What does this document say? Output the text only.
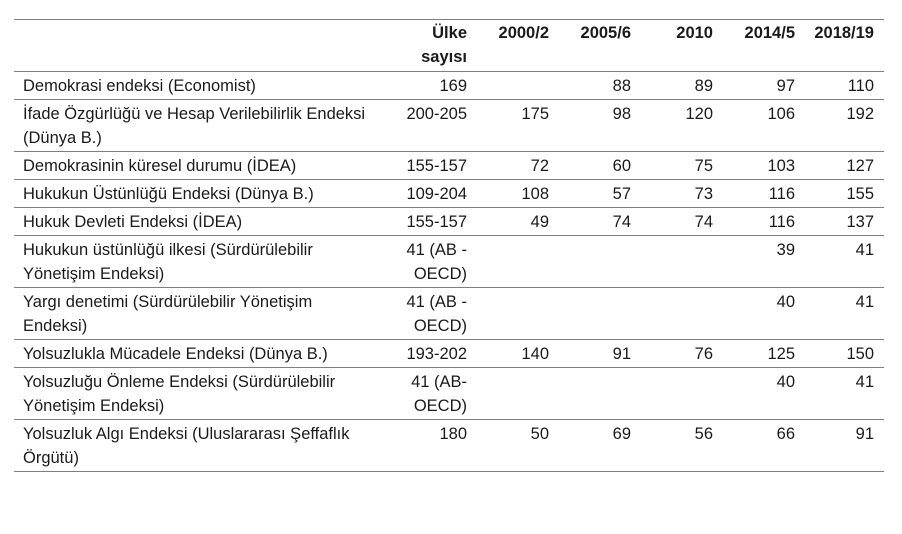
	Ülke sayısı	2000/2	2005/6	2010	2014/5	2018/19
Demokrasi endeksi (Economist)	169		88	89	97	110
İfade Özgürlüğü ve Hesap Verilebilirlik Endeksi (Dünya B.)	200-205	175	98	120	106	192
Demokrasinin küresel durumu (İDEA)	155-157	72	60	75	103	127
Hukukun Üstünlüğü Endeksi (Dünya B.)	109-204	108	57	73	116	155
Hukuk Devleti Endeksi (İDEA)	155-157	49	74	74	116	137
Hukukun üstünlüğü ilkesi (Sürdürülebilir Yönetişim Endeksi)	41 (AB - OECD)				39	41
Yargı denetimi (Sürdürülebilir Yönetişim Endeksi)	41 (AB - OECD)				40	41
Yolsuzlukla Mücadele Endeksi (Dünya B.)	193-202	140	91	76	125	150
Yolsuzluğu Önleme Endeksi (Sürdürülebilir Yönetişim Endeksi)	41 (AB- OECD)				40	41
Yolsuzluk Algı Endeksi (Uluslararası Şeffaflık Örgütü)	180	50	69	56	66	91
